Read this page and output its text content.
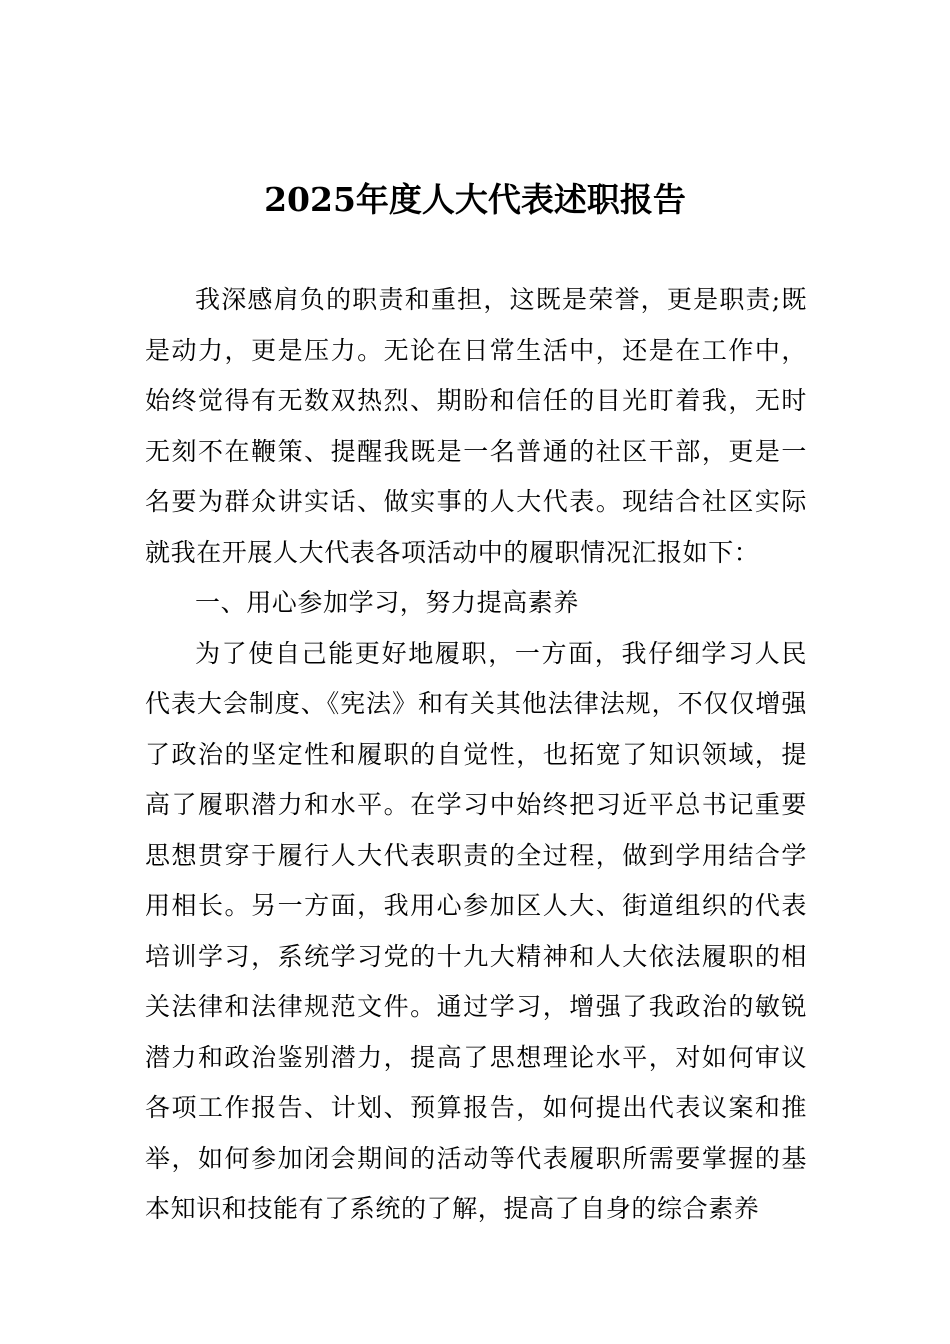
2025年度人大代表述职报告

我深感肩负的职责和重担，这既是荣誉，更是职责;既是动力，更是压力。无论在日常生活中，还是在工作中，始终觉得有无数双热烈、期盼和信任的目光盯着我，无时无刻不在鞭策、提醒我既是一名普通的社区干部，更是一名要为群众讲实话、做实事的人大代表。现结合社区实际就我在开展人大代表各项活动中的履职情况汇报如下：

一、用心参加学习，努力提高素养

为了使自己能更好地履职，一方面，我仔细学习人民代表大会制度、《宪法》和有关其他法律法规，不仅仅增强了政治的坚定性和履职的自觉性，也拓宽了知识领域，提高了履职潜力和水平。在学习中始终把习近平总书记重要思想贯穿于履行人大代表职责的全过程，做到学用结合学用相长。另一方面，我用心参加区人大、街道组织的代表培训学习，系统学习党的十九大精神和人大依法履职的相关法律和法律规范文件。通过学习，增强了我政治的敏锐潜力和政治鉴别潜力，提高了思想理论水平，对如何审议各项工作报告、计划、预算报告，如何提出代表议案和推举，如何参加闭会期间的活动等代表履职所需要掌握的基本知识和技能有了系统的了解，提高了自身的综合素养
